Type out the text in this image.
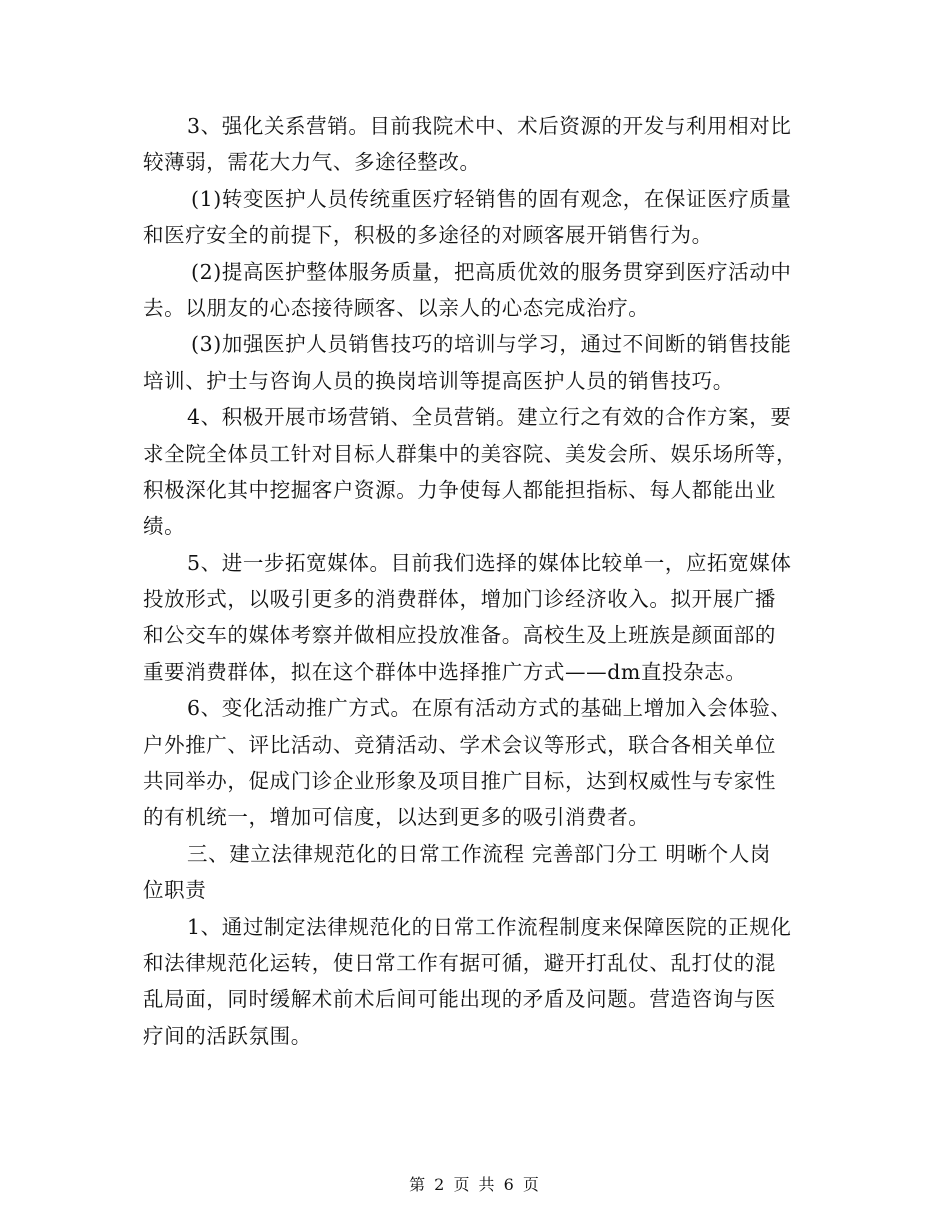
3、强化关系营销。目前我院术中、术后资源的开发与利用相对比
较薄弱，需花大力气、多途径整改。
(1)转变医护人员传统重医疗轻销售的固有观念，在保证医疗质量
和医疗安全的前提下，积极的多途径的对顾客展开销售行为。
(2)提高医护整体服务质量，把高质优效的服务贯穿到医疗活动中
去。以朋友的心态接待顾客、以亲人的心态完成治疗。
(3)加强医护人员销售技巧的培训与学习，通过不间断的销售技能
培训、护士与咨询人员的换岗培训等提高医护人员的销售技巧。
4、积极开展市场营销、全员营销。建立行之有效的合作方案，要
求全院全体员工针对目标人群集中的美容院、美发会所、娱乐场所等，
积极深化其中挖掘客户资源。力争使每人都能担指标、每人都能出业
绩。
5、进一步拓宽媒体。目前我们选择的媒体比较单一，应拓宽媒体
投放形式，以吸引更多的消费群体，增加门诊经济收入。拟开展广播
和公交车的媒体考察并做相应投放准备。高校生及上班族是颜面部的
重要消费群体，拟在这个群体中选择推广方式——dm直投杂志。
6、变化活动推广方式。在原有活动方式的基础上增加入会体验、
户外推广、评比活动、竞猜活动、学术会议等形式，联合各相关单位
共同举办，促成门诊企业形象及项目推广目标，达到权威性与专家性
的有机统一，增加可信度，以达到更多的吸引消费者。
三、建立法律规范化的日常工作流程 完善部门分工 明晰个人岗
位职责
1、通过制定法律规范化的日常工作流程制度来保障医院的正规化
和法律规范化运转，使日常工作有据可循，避开打乱仗、乱打仗的混
乱局面，同时缓解术前术后间可能出现的矛盾及问题。营造咨询与医
疗间的活跃氛围。
第 2 页 共 6 页
